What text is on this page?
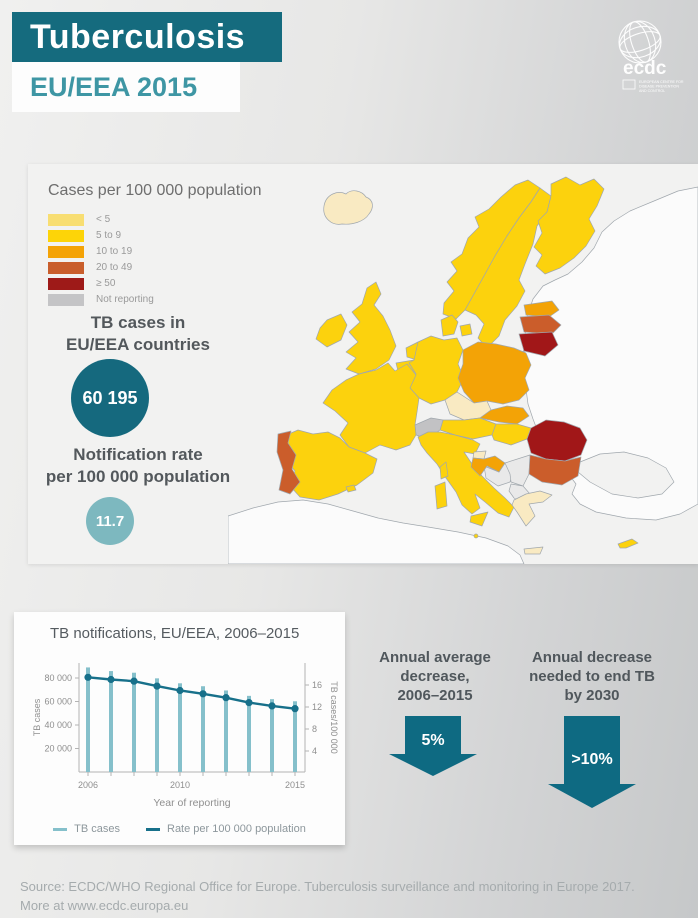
Tuberculosis
EU/EEA 2015
ecdc
EUROPEAN CENTRE FOR
DISEASE PREVENTION
AND CONTROL
Cases per 100 000 population
< 5
5 to 9
10 to 19
20 to 49
≥ 50
Not reporting
TB cases in
EU/EEA countries
60 195
Notification rate
per 100 000 population
11.7
TB notifications, EU/EEA, 2006–2015
20 000
40 000
60 000
80 000
4
8
12
16
2006	2010	2015
TB cases	TB cases/100 000
Year of reporting
TB cases	Rate per 100 000 population
Annual average
decrease,
2006–2015
5%
Annual decrease
needed to end TB
by 2030
>10%
Source: ECDC/WHO Regional Office for Europe. Tuberculosis surveillance and monitoring in Europe 2017.
More at www.ecdc.europa.eu
